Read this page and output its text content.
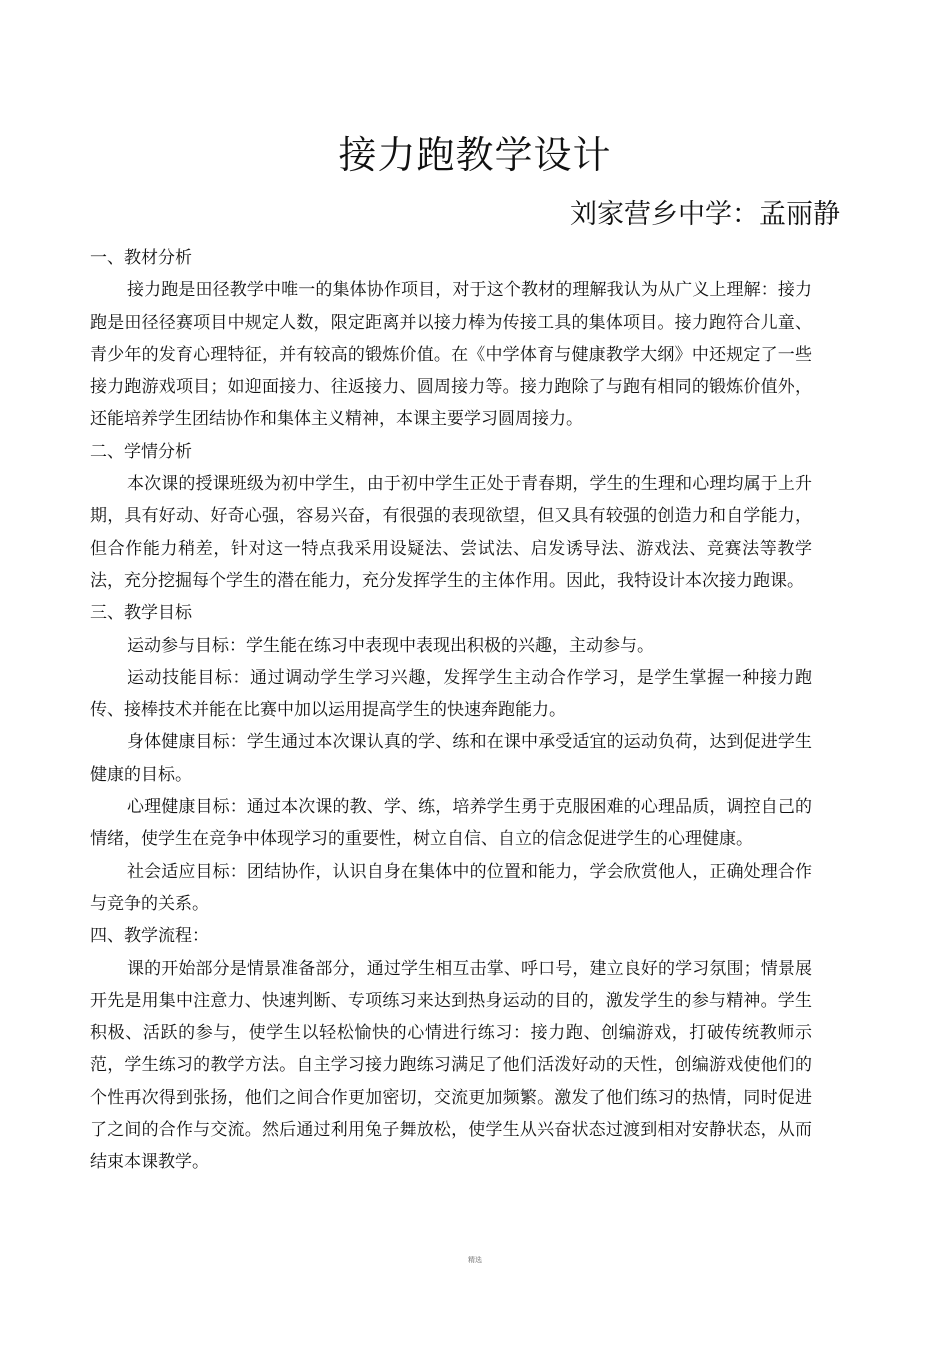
接力跑教学设计
刘家营乡中学：孟丽静

一、教材分析

接力跑是田径教学中唯一的集体协作项目，对于这个教材的理解我认为从广义上理解：接力跑是田径径赛项目中规定人数，限定距离并以接力棒为传接工具的集体项目。接力跑符合儿童、青少年的发育心理特征，并有较高的锻炼价值。在《中学体育与健康教学大纲》中还规定了一些接力跑游戏项目；如迎面接力、往返接力、圆周接力等。接力跑除了与跑有相同的锻炼价值外，还能培养学生团结协作和集体主义精神，本课主要学习圆周接力。

二、学情分析

本次课的授课班级为初中学生，由于初中学生正处于青春期，学生的生理和心理均属于上升期，具有好动、好奇心强，容易兴奋，有很强的表现欲望，但又具有较强的创造力和自学能力，但合作能力稍差，针对这一特点我采用设疑法、尝试法、启发诱导法、游戏法、竞赛法等教学法，充分挖掘每个学生的潜在能力，充分发挥学生的主体作用。因此，我特设计本次接力跑课。

三、教学目标

运动参与目标：学生能在练习中表现中表现出积极的兴趣，主动参与。

运动技能目标：通过调动学生学习兴趣，发挥学生主动合作学习，是学生掌握一种接力跑传、接棒技术并能在比赛中加以运用提高学生的快速奔跑能力。

身体健康目标：学生通过本次课认真的学、练和在课中承受适宜的运动负荷，达到促进学生健康的目标。

心理健康目标：通过本次课的教、学、练，培养学生勇于克服困难的心理品质，调控自己的情绪，使学生在竞争中体现学习的重要性，树立自信、自立的信念促进学生的心理健康。

社会适应目标：团结协作，认识自身在集体中的位置和能力，学会欣赏他人，正确处理合作与竞争的关系。

四、教学流程：

课的开始部分是情景准备部分，通过学生相互击掌、呼口号，建立良好的学习氛围；情景展开先是用集中注意力、快速判断、专项练习来达到热身运动的目的，激发学生的参与精神。学生积极、活跃的参与，使学生以轻松愉快的心情进行练习：接力跑、创编游戏，打破传统教师示范，学生练习的教学方法。自主学习接力跑练习满足了他们活泼好动的天性，创编游戏使他们的个性再次得到张扬，他们之间合作更加密切，交流更加频繁。激发了他们练习的热情，同时促进了之间的合作与交流。然后通过利用兔子舞放松，使学生从兴奋状态过渡到相对安静状态，从而结束本课教学。

精选
